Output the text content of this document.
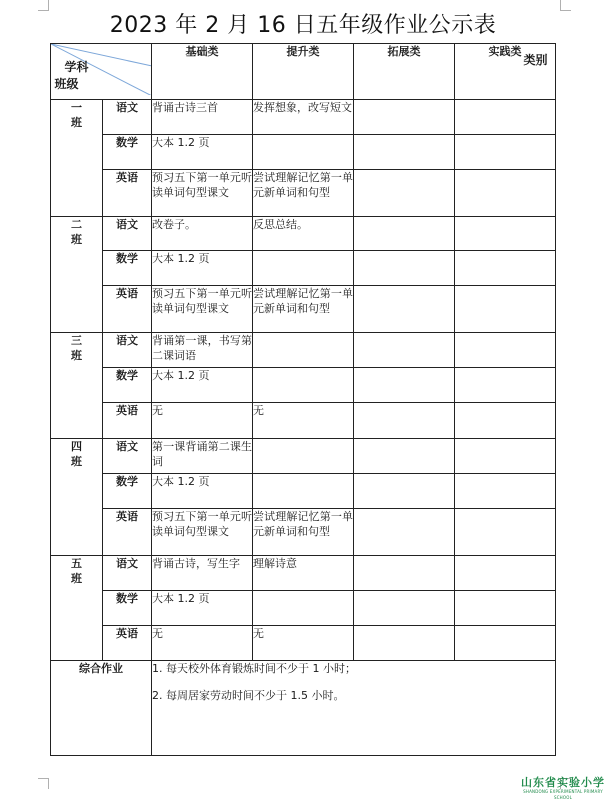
2023 年 2 月 16 日五年级作业公示表
类别
学科
班级		基础类	提升类	拓展类	实践类

一
班	语文	背诵古诗三首	发挥想象，改写短文		
	数学	大本 1.2 页			
	英语	预习五下第一单元听读单词句型课文	尝试理解记忆第一单元新单词和句型		

二
班	语文	改卷子。	反思总结。		
	数学	大本 1.2 页			
	英语	预习五下第一单元听读单词句型课文	尝试理解记忆第一单元新单词和句型		

三
班	语文	背诵第一课，书写第二课词语			
	数学	大本 1.2 页			
	英语	无	无		

四
班	语文	第一课背诵第二课生词			
	数学	大本 1.2 页			
	英语	预习五下第一单元听读单词句型课文	尝试理解记忆第一单元新单词和句型		

五
班	语文	背诵古诗，写生字	理解诗意		
	数学	大本 1.2 页			
	英语	无	无		
综合作业		1. 每天校外体育锻炼时间不少于 1 小时；

2. 每周居家劳动时间不少于 1.5 小时。			

山东省实验小学
SHANDONG EXPERIMENTAL PRIMARY SCHOOL
